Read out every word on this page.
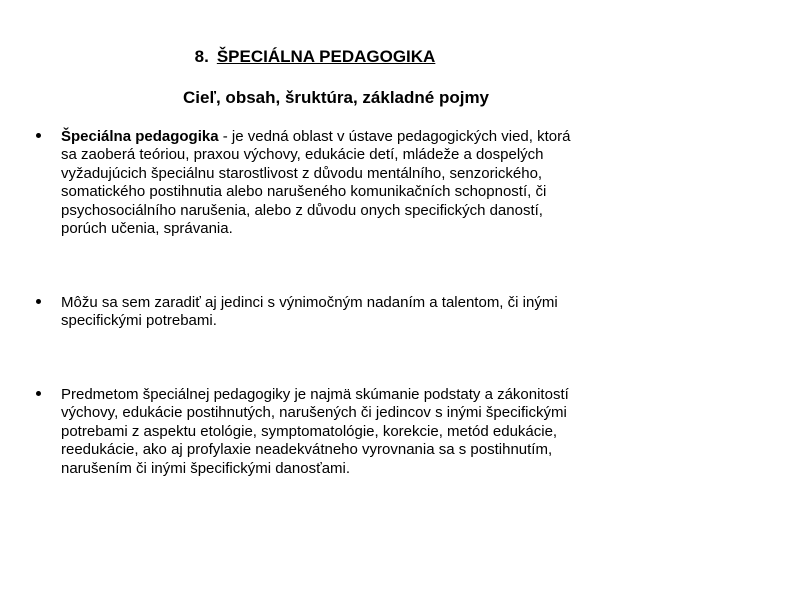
8. ŠPECIÁLNA PEDAGOGIKA
Cieľ, obsah, šruktúra, základné pojmy
Špeciálna pedagogika - je vedná oblast v ústave pedagogických vied, ktorá
sa zaoberá teóriou, praxou výchovy, edukácie detí, mládeže a dospelých
vyžadujúcich špeciálnu starostlivost z důvodu mentálního, senzorického,
somatického postihnutia alebo narušeného komunikačních schopností, či
psychosociálního narušenia, alebo z důvodu onych specifických daností,
porúch učenia, správania.
Môžu sa sem zaradiť aj jedinci s výnimočným nadaním a talentom, či inými
specifickými potrebami.
Predmetom špeciálnej pedagogiky je najmä skúmanie podstaty a zákonitostí
výchovy, edukácie postihnutých, narušených či jedincov s inými špecifickými
potrebami z aspektu etológie, symptomatológie, korekcie, metód edukácie,
reedukácie, ako aj profylaxie neadekvátneho vyrovnania sa s postihnutím,
narušením či inými špecifickými danosťami.
